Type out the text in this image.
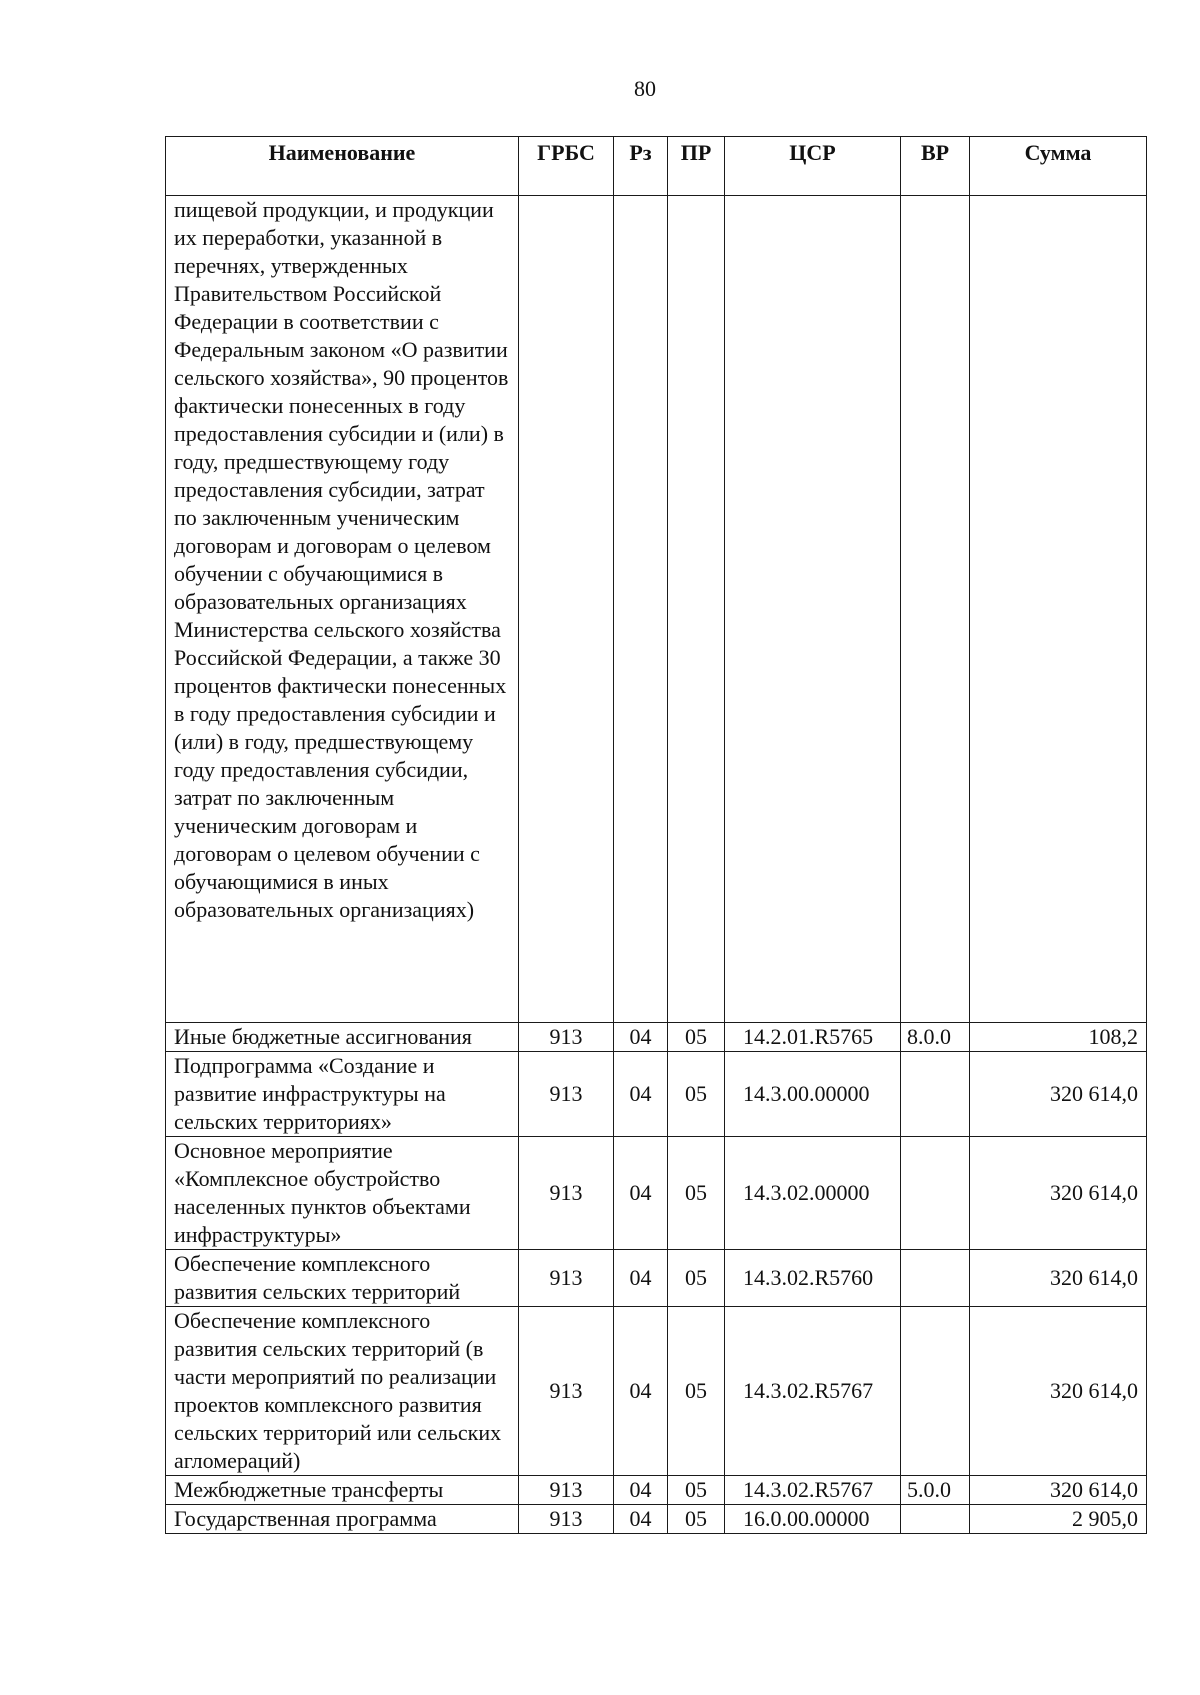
80
Наименование	ГРБС	Рз	ПР	ЦСР	ВР	Сумма
пищевой продукции, и продукции их переработки, указанной в перечнях, утвержденных Правительством Российской Федерации в соответствии с Федеральным законом «О развитии сельского хозяйства», 90 процентов фактически понесенных в году предоставления субсидии и (или) в году, предшествующему году предоставления субсидии, затрат по заключенным ученическим договорам и договорам о целевом обучении с обучающимися в образовательных организациях Министерства сельского хозяйства Российской Федерации, а также 30 процентов фактически понесенных в году предоставления субсидии и (или) в году, предшествующему году предоставления субсидии, затрат по заключенным ученическим договорам и договорам о целевом обучении с обучающимися в иных образовательных организациях)						
Иные бюджетные ассигнования	913	04	05	14.2.01.R5765	8.0.0	108,2
Подпрограмма «Создание и развитие инфраструктуры на сельских территориях»	913	04	05	14.3.00.00000		320 614,0
Основное мероприятие «Комплексное обустройство населенных пунктов объектами инфраструктуры»	913	04	05	14.3.02.00000		320 614,0
Обеспечение комплексного развития сельских территорий	913	04	05	14.3.02.R5760		320 614,0
Обеспечение комплексного развития сельских территорий (в части мероприятий по реализации проектов комплексного развития сельских территорий или сельских агломераций)	913	04	05	14.3.02.R5767		320 614,0
Межбюджетные трансферты	913	04	05	14.3.02.R5767	5.0.0	320 614,0
Государственная программа	913	04	05	16.0.00.00000		2 905,0
